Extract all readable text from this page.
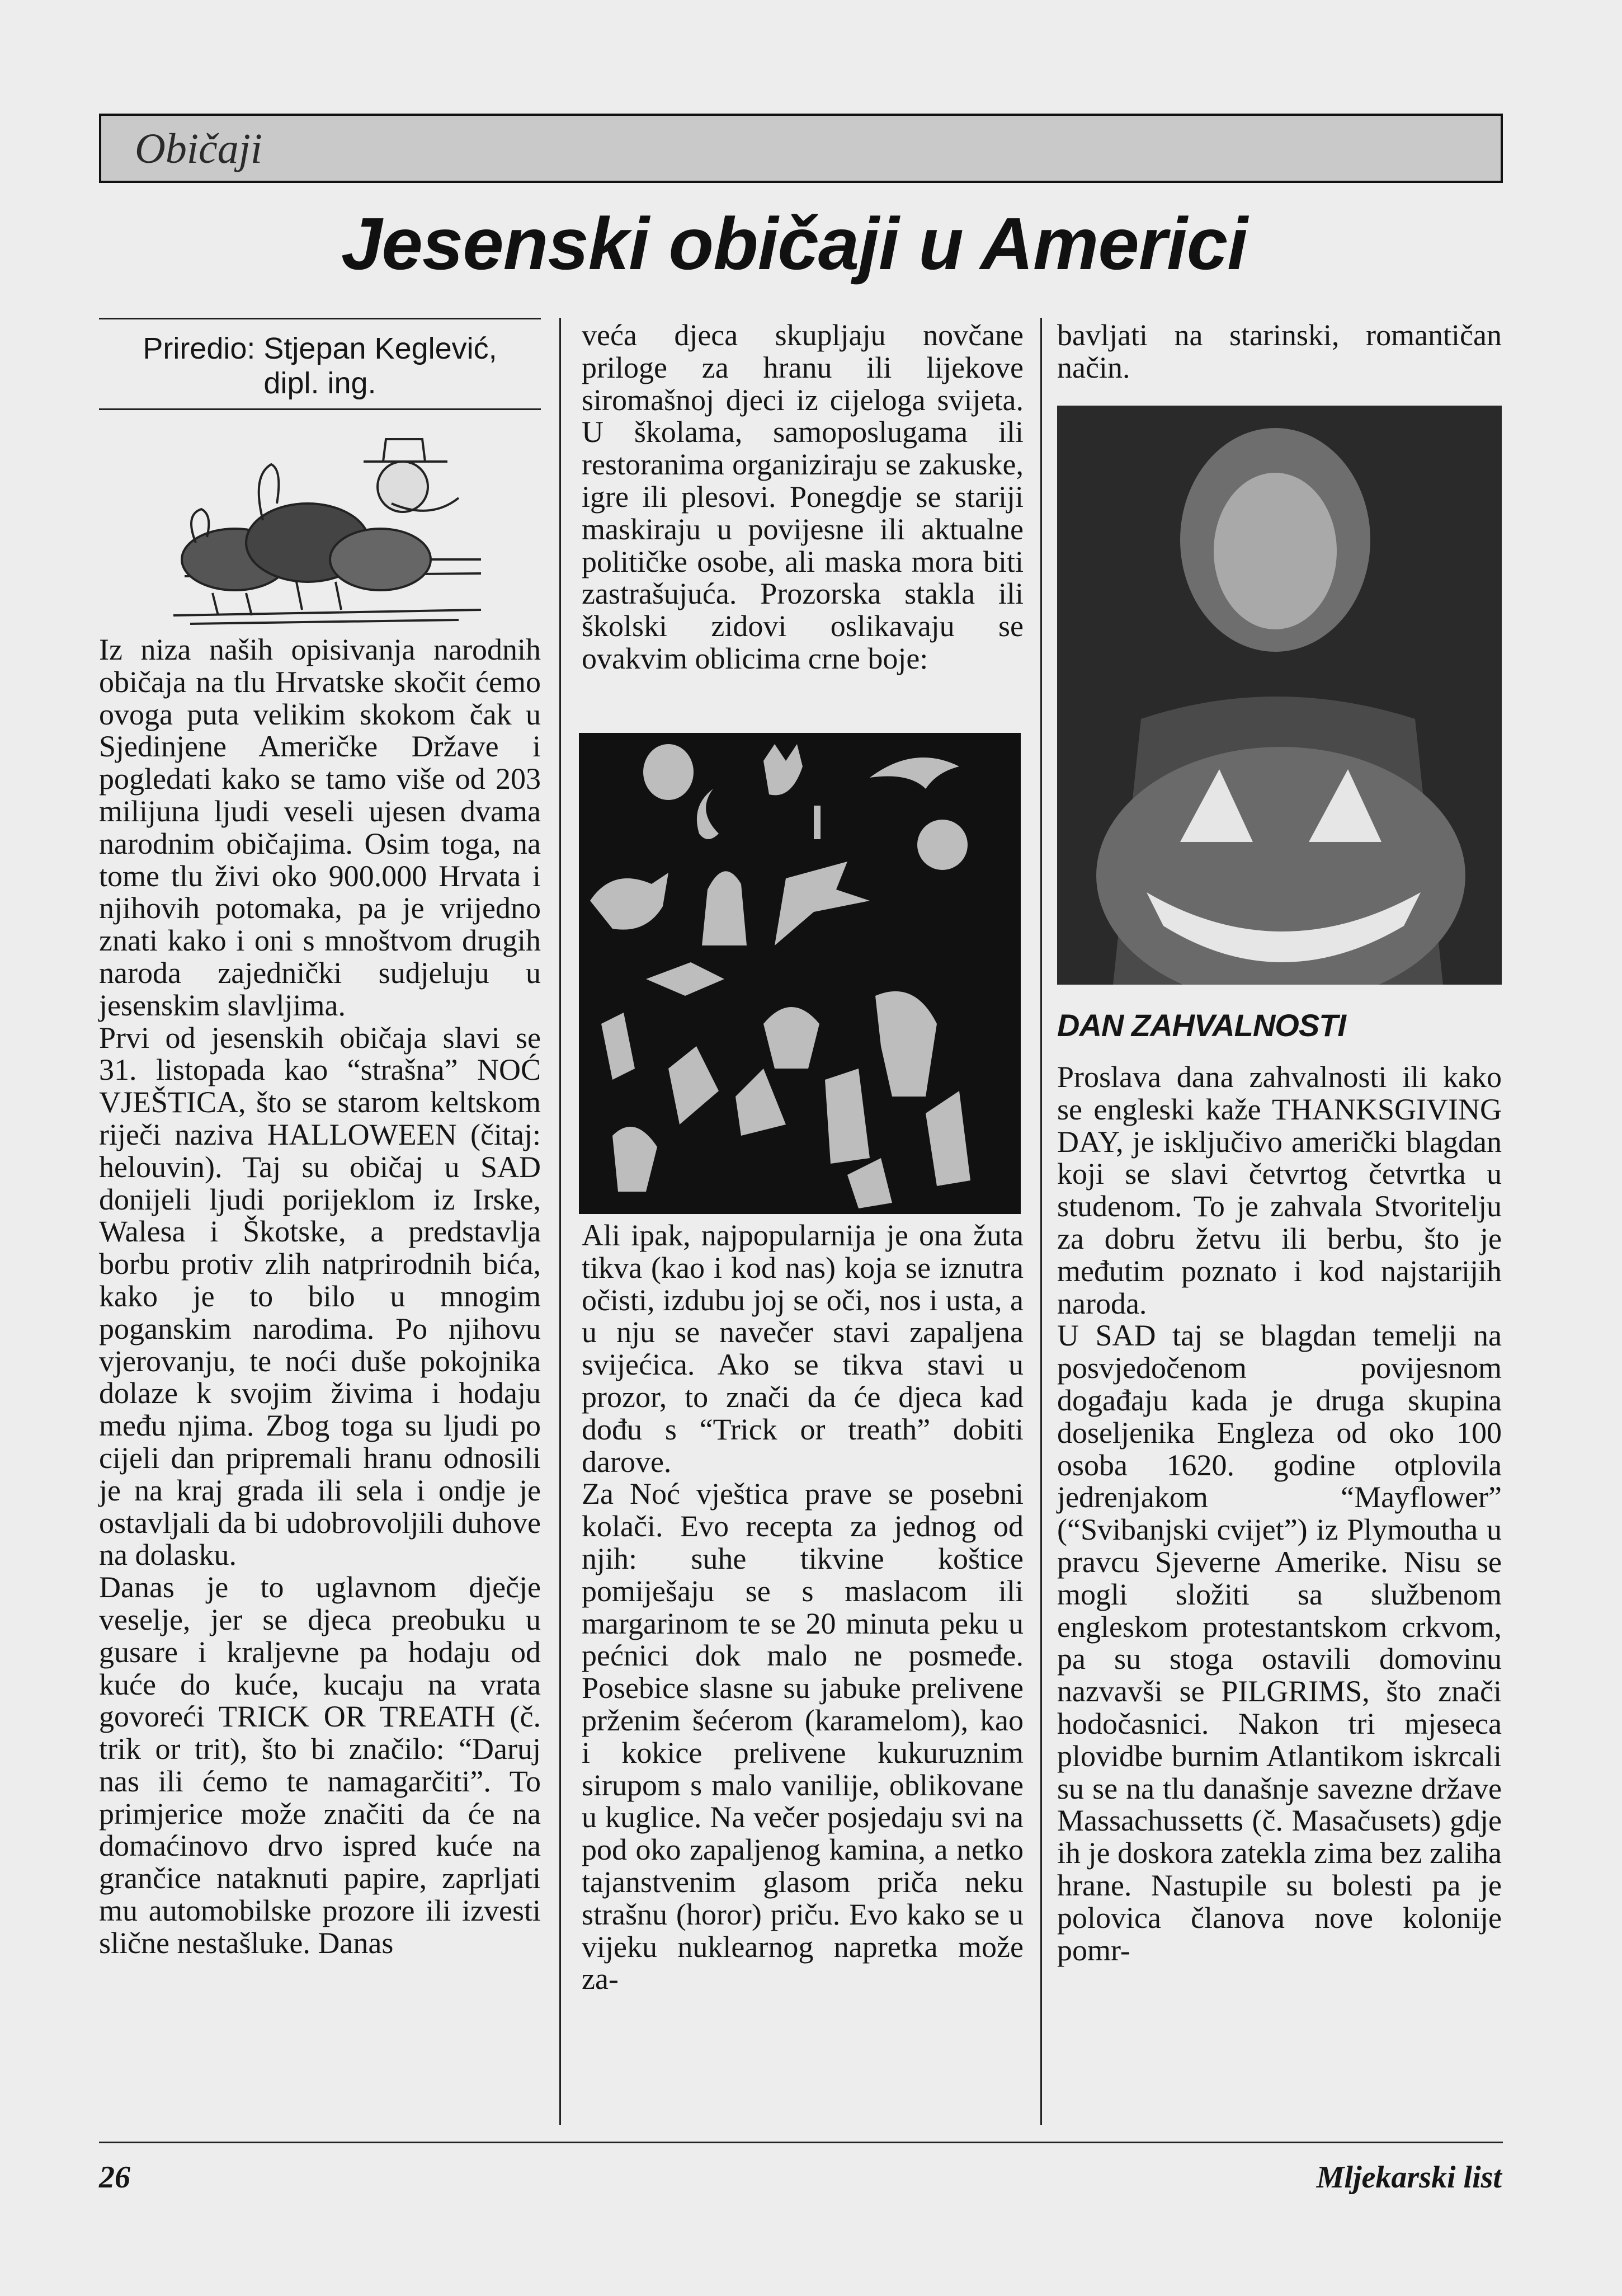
Običaji
Jesenski običaji u Americi
Priredio: Stjepan Keglević,
dipl. ing.

Iz niza naših opisivanja narodnih običaja na tlu Hrvatske skočit ćemo ovoga puta velikim skokom čak u Sjedinjene Američke Države i pogledati kako se tamo više od 203 milijuna ljudi veseli ujesen dvama narodnim običajima. Osim toga, na tome tlu živi oko 900.000 Hrvata i njihovih potomaka, pa je vrijedno znati kako i oni s mnoštvom drugih naroda zajednički sudjeluju u jesenskim slavljima.

Prvi od jesenskih običaja slavi se 31. listopada kao “strašna” NOĆ VJEŠTICA, što se starom keltskom riječi naziva HALLOWEEN (čitaj: helouvin). Taj su običaj u SAD donijeli ljudi porijeklom iz Irske, Walesa i Škotske, a predstavlja borbu protiv zlih natprirodnih bića, kako je to bilo u mnogim poganskim narodima. Po njihovu vjerovanju, te noći duše pokojnika dolaze k svojim živima i hodaju među njima. Zbog toga su ljudi po cijeli dan pripremali hranu odnosili je na kraj grada ili sela i ondje je ostavljali da bi udobrovoljili duhove na dolasku.

Danas je to uglavnom dječje veselje, jer se djeca preobuku u gusare i kraljevne pa hodaju od kuće do kuće, kucaju na vrata govoreći TRICK OR TREATH (č. trik or trit), što bi značilo: “Daruj nas ili ćemo te namagarčiti”. To primjerice može značiti da će na domaćinovo drvo ispred kuće na grančice nataknuti papire, zaprljati mu automobilske prozore ili izvesti slične nestašluke. Danas

veća djeca skupljaju novčane priloge za hranu ili lijekove siromašnoj djeci iz cijeloga svijeta. U školama, samoposlugama ili restoranima organiziraju se zakuske, igre ili plesovi. Ponegdje se stariji maskiraju u povijesne ili aktualne političke osobe, ali maska mora biti zastrašujuća. Prozorska stakla ili školski zidovi oslikavaju se ovakvim oblicima crne boje:

Ali ipak, najpopularnija je ona žuta tikva (kao i kod nas) koja se iznutra očisti, izdubu joj se oči, nos i usta, a u nju se navečer stavi zapaljena svijećica. Ako se tikva stavi u prozor, to znači da će djeca kad dođu s “Trick or treath” dobiti darove.

Za Noć vještica prave se posebni kolači. Evo recepta za jednog od njih: suhe tikvine koštice pomiješaju se s maslacom ili margarinom te se 20 minuta peku u pećnici dok malo ne posmeđe. Posebice slasne su jabuke prelivene prženim šećerom (karamelom), kao i kokice prelivene kukuruznim sirupom s malo vanilije, oblikovane u kuglice. Na večer posjedaju svi na pod oko zapaljenog kamina, a netko tajanstvenim glasom priča neku strašnu (horor) priču. Evo kako se u vijeku nuklearnog napretka može za-

bavljati na starinski, romantičan način.

DAN ZAHVALNOSTI

Proslava dana zahvalnosti ili kako se engleski kaže THANKSGIVING DAY, je isključivo američki blagdan koji se slavi četvrtog četvrtka u studenom. To je zahvala Stvoritelju za dobru žetvu ili berbu, što je međutim poznato i kod najstarijih naroda.

U SAD taj se blagdan temelji na posvjedočenom povijesnom događaju kada je druga skupina doseljenika Engleza od oko 100 osoba 1620. godine otplovila jedrenjakom “Mayflower” (“Svibanjski cvijet”) iz Plymoutha u pravcu Sjeverne Amerike. Nisu se mogli složiti sa službenom engleskom protestantskom crkvom, pa su stoga ostavili domovinu nazvavši se PILGRIMS, što znači hodočasnici. Nakon tri mjeseca plovidbe burnim Atlantikom iskrcali su se na tlu današnje savezne države Massachussetts (č. Masačusets) gdje ih je doskora zatekla zima bez zaliha hrane. Nastupile su bolesti pa je polovica članova nove kolonije pomr-

26	Mljekarski list
